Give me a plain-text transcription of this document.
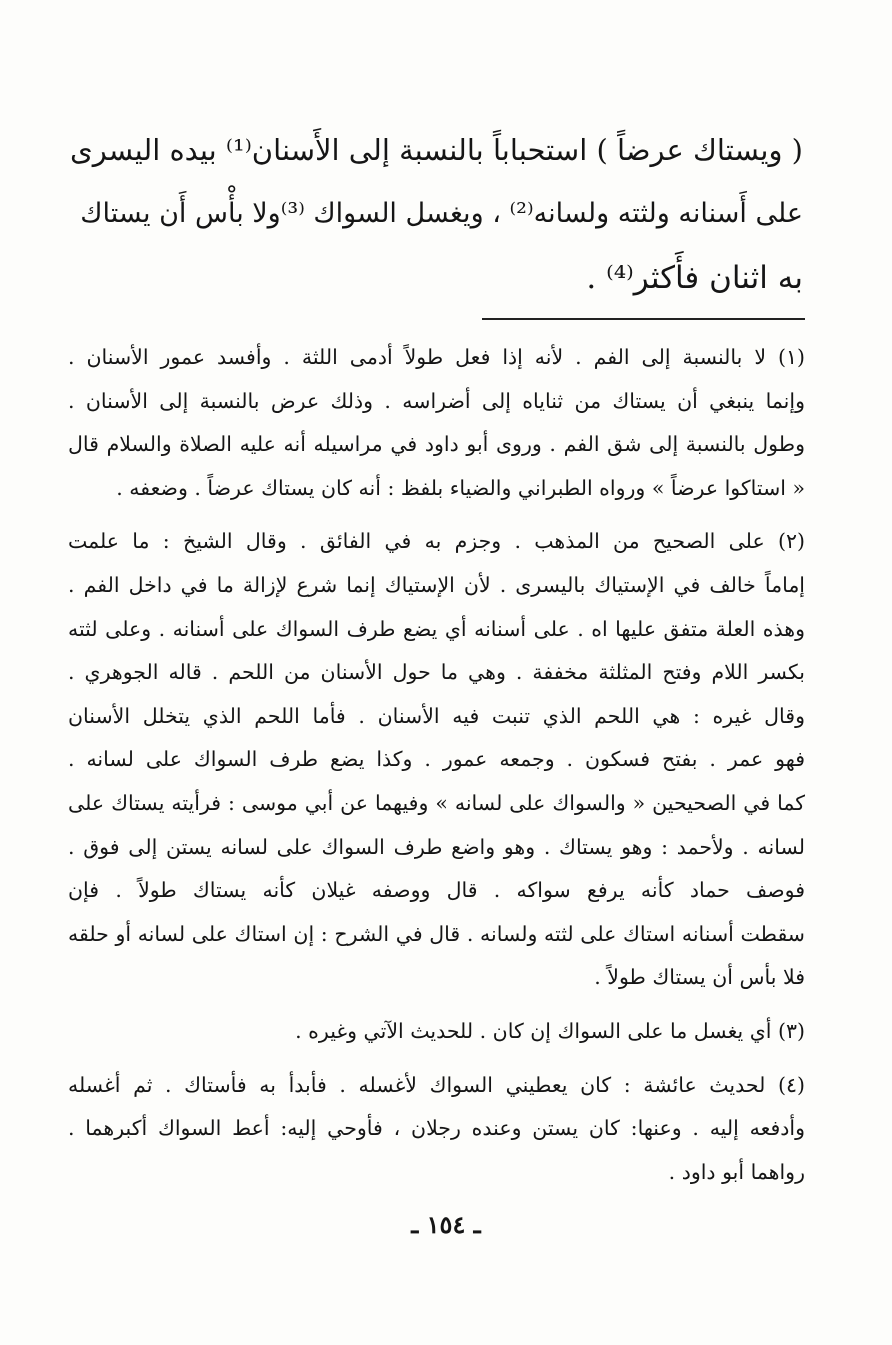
( ويستاك عرضاً ) استحباباً بالنسبة إلى الأَسنان⁽¹⁾ بيده اليسرى
على أَسنانه ولثته ولسانه⁽²⁾ ، ويغسل السواك ⁽³⁾ولا بأْس أَن يستاك
به اثنان فأَكثر⁽⁴⁾ .
(١) لا بالنسبة إلى الفم . لأنه إذا فعل طولاً أدمى اللثة . وأفسد عمور الأسنان .
وإنما ينبغي أن يستاك من ثناياه إلى أضراسه . وذلك عرض بالنسبة إلى الأسنان .
وطول بالنسبة إلى شق الفم . وروى أبو داود في مراسيله أنه عليه الصلاة والسلام قال
« استاكوا عرضاً » ورواه الطبراني والضياء بلفظ : أنه كان يستاك عرضاً . وضعفه .
(٢) على الصحيح من المذهب . وجزم به في الفائق . وقال الشيخ : ما علمت
إماماً خالف في الإستياك باليسرى . لأن الإستياك إنما شرع لإزالة ما في داخل الفم .
وهذه العلة متفق عليها اه . على أسنانه أي يضع طرف السواك على أسنانه . وعلى لثته
بكسر اللام وفتح المثلثة مخففة . وهي ما حول الأسنان من اللحم . قاله الجوهري .
وقال غيره : هي اللحم الذي تنبت فيه الأسنان . فأما اللحم الذي يتخلل الأسنان
فهو عمر . بفتح فسكون . وجمعه عمور . وكذا يضع طرف السواك على لسانه .
كما في الصحيحين « والسواك على لسانه » وفيهما عن أبي موسى : فرأيته يستاك على
لسانه . ولأحمد : وهو يستاك . وهو واضع طرف السواك على لسانه يستن إلى فوق .
فوصف حماد كأنه يرفع سواكه . قال ووصفه غيلان كأنه يستاك طولاً . فإن
سقطت أسنانه استاك على لثته ولسانه . قال في الشرح : إن استاك على لسانه أو حلقه
فلا بأس أن يستاك طولاً .
(٣) أي يغسل ما على السواك إن كان . للحديث الآتي وغيره .
(٤) لحديث عائشة : كان يعطيني السواك لأغسله . فأبدأ به فأستاك . ثم أغسله
وأدفعه إليه . وعنها: كان يستن وعنده رجلان ، فأوحي إليه: أعط السواك أكبرهما .
رواهما أبو داود .
ـ ١٥٤ ـ
